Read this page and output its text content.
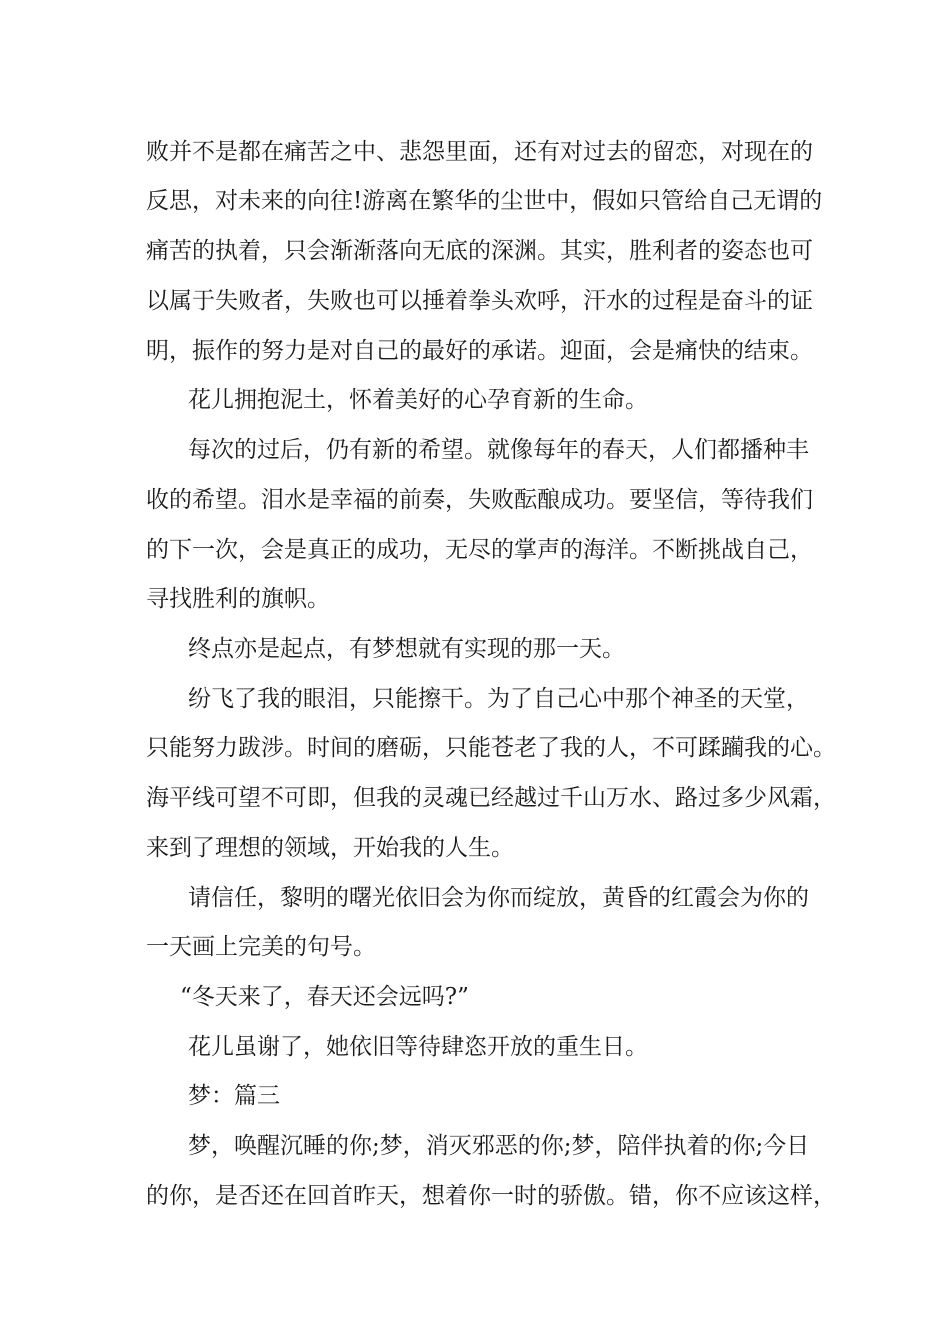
败并不是都在痛苦之中、悲怨里面，还有对过去的留恋，对现在的
反思，对未来的向往!游离在繁华的尘世中，假如只管给自己无谓的
痛苦的执着，只会渐渐落向无底的深渊。其实，胜利者的姿态也可
以属于失败者，失败也可以捶着拳头欢呼，汗水的过程是奋斗的证
明，振作的努力是对自己的最好的承诺。迎面，会是痛快的结束。
花儿拥抱泥土，怀着美好的心孕育新的生命。
每次的过后，仍有新的希望。就像每年的春天，人们都播种丰
收的希望。泪水是幸福的前奏，失败酝酿成功。要坚信，等待我们
的下一次，会是真正的成功，无尽的掌声的海洋。不断挑战自己，
寻找胜利的旗帜。
终点亦是起点，有梦想就有实现的那一天。
纷飞了我的眼泪，只能擦干。为了自己心中那个神圣的天堂，
只能努力跋涉。时间的磨砺，只能苍老了我的人，不可蹂躏我的心。
海平线可望不可即，但我的灵魂已经越过千山万水、路过多少风霜，
来到了理想的领域，开始我的人生。
请信任，黎明的曙光依旧会为你而绽放，黄昏的红霞会为你的
一天画上完美的句号。
“冬天来了，春天还会远吗?”
花儿虽谢了，她依旧等待肆恣开放的重生日。
梦：篇三
梦，唤醒沉睡的你;梦，消灭邪恶的你;梦，陪伴执着的你;今日
的你，是否还在回首昨天，想着你一时的骄傲。错，你不应该这样，
